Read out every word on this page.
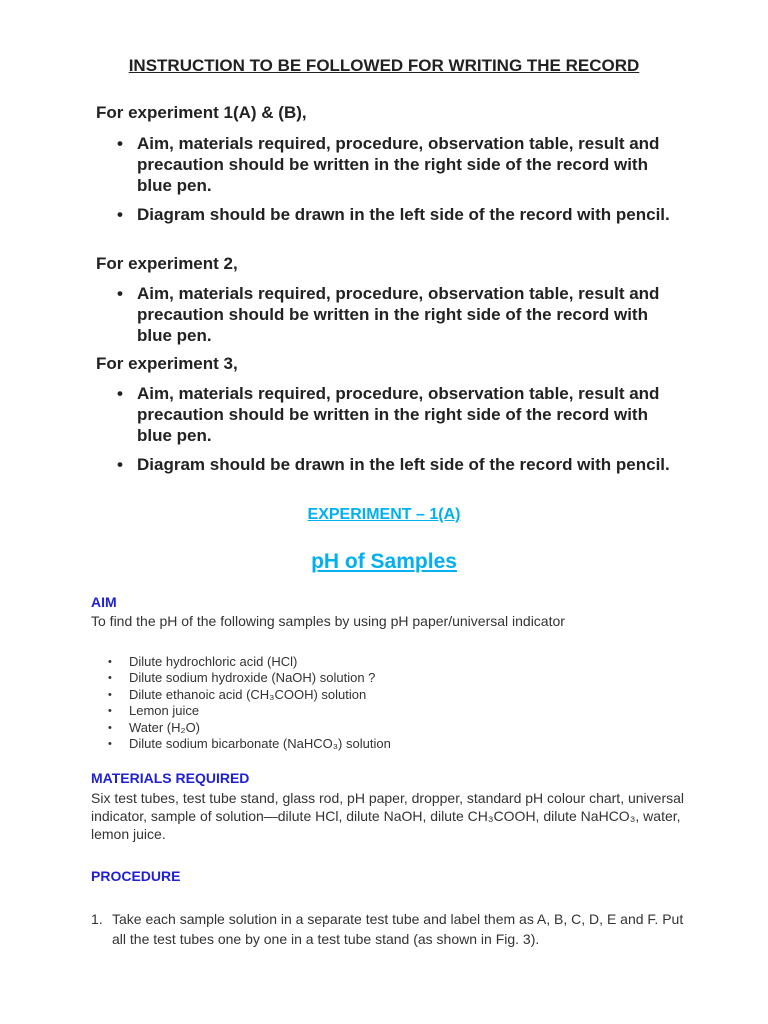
INSTRUCTION TO BE FOLLOWED FOR WRITING THE RECORD
For experiment 1(A) & (B),
• Aim, materials required, procedure, observation table, result and precaution should be written in the right side of the record with blue pen.
• Diagram should be drawn in the left side of the record with pencil.
For experiment 2,
• Aim, materials required, procedure, observation table, result and precaution should be written in the right side of the record with blue pen.
For experiment 3,
• Aim, materials required, procedure, observation table, result and precaution should be written in the right side of the record with blue pen.
• Diagram should be drawn in the left side of the record with pencil.
EXPERIMENT – 1(A)
pH of Samples
AIM
To find the pH of the following samples by using pH paper/universal indicator
• Dilute hydrochloric acid (HCl)
• Dilute sodium hydroxide (NaOH) solution ?
• Dilute ethanoic acid (CH₃COOH) solution
• Lemon juice
• Water (H₂O)
• Dilute sodium bicarbonate (NaHCO₃) solution
MATERIALS REQUIRED
Six test tubes, test tube stand, glass rod, pH paper, dropper, standard pH colour chart, universal indicator, sample of solution—dilute HCl, dilute NaOH, dilute CH₃COOH, dilute NaHCO₃, water, lemon juice.
PROCEDURE
1. Take each sample solution in a separate test tube and label them as A, B, C, D, E and F. Put all the test tubes one by one in a test tube stand (as shown in Fig. 3).
